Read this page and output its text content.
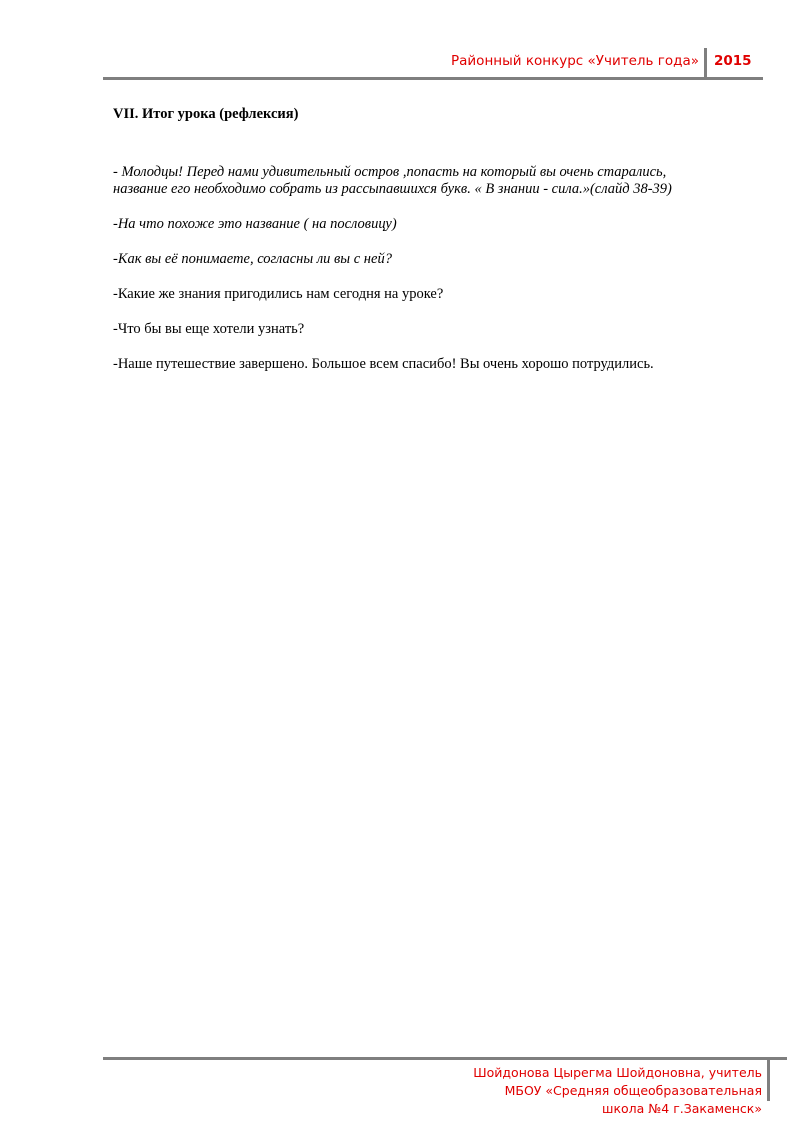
Районный конкурс «Учитель года» 2015

VII. Итог урока (рефлексия)

- Молодцы! Перед нами удивительный остров ,попасть на который вы очень старались,
название его необходимо собрать из рассыпавшихся букв. « В знании - сила.»(слайд 38-39)

-На что похоже это название ( на пословицу)

-Как вы её понимаете, согласны ли вы с ней?

-Какие же знания пригодились нам сегодня на уроке?

-Что бы вы еще хотели узнать?

-Наше путешествие завершено. Большое всем спасибо! Вы очень хорошо потрудились.

Шойдонова Цырегма Шойдоновна, учитель
МБОУ «Средняя общеобразовательная
школа №4 г.Закаменск»
